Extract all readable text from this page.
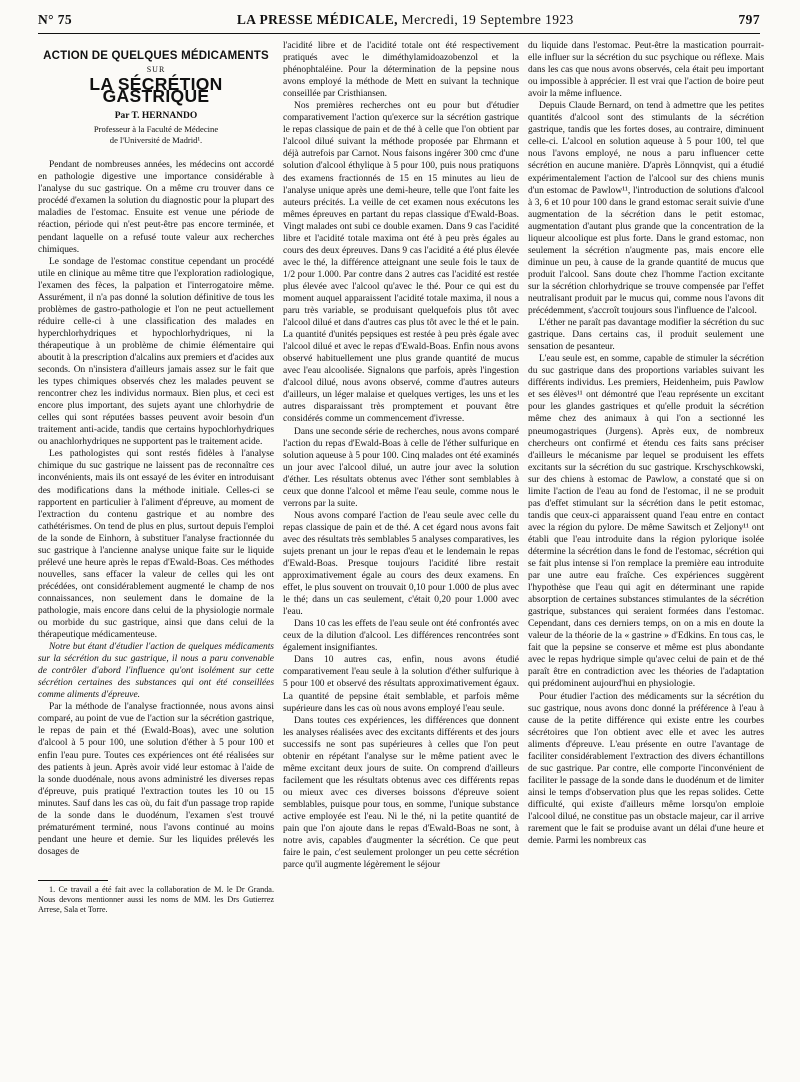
N° 75	LA PRESSE MÉDICALE, Mercredi, 19 Septembre 1923	797
ACTION DE QUELQUES MÉDICAMENTS
SUR
LA SÉCRÉTION GASTRIQUE
Par T. HERNANDO
Professeur à la Faculté de Médecine
de l'Université de Madrid¹.

Pendant de nombreuses années, les médecins ont accordé en pathologie digestive une importance considérable à l'analyse du suc gastrique. On a même cru trouver dans ce procédé d'examen la solution du diagnostic pour la plupart des maladies de l'estomac. Ensuite est venue une période de réaction, période qui n'est peut-être pas encore terminée, et pendant laquelle on a refusé toute valeur aux recherches chimiques.

Le sondage de l'estomac constitue cependant un procédé utile en clinique au même titre que l'exploration radiologique, l'examen des fèces, la palpation et l'interrogatoire même. Assurément, il n'a pas donné la solution définitive de tous les problèmes de gastro-pathologie et l'on ne peut actuellement réduire celle-ci à une classification des malades en hyperchlorhydriques et hypochlorhydriques, ni la thérapeutique à un problème de chimie élémentaire qui aboutit à la prescription d'alcalins aux premiers et d'acides aux seconds. On n'insistera d'ailleurs jamais assez sur le fait que les types chimiques observés chez les malades peuvent se rencontrer chez les individus normaux. Bien plus, et ceci est encore plus important, des sujets ayant une chlorhydrie de celles qui sont réputées basses peuvent avoir besoin d'un traitement anti-acide, tandis que certains hypochlorhydriques ou anachlorhydriques ne supportent pas le traitement acide.

Les pathologistes qui sont restés fidèles à l'analyse chimique du suc gastrique ne laissent pas de reconnaître ces inconvénients, mais ils ont essayé de les éviter en introduisant des modifications dans la méthode initiale. Celles-ci se rapportent en particulier à l'aliment d'épreuve, au moment de l'extraction du contenu gastrique et au nombre des cathétérismes. On tend de plus en plus, surtout depuis l'emploi de la sonde de Einhorn, à substituer l'analyse fractionnée du suc gastrique à l'ancienne analyse unique faite sur le liquide prélevé une heure après le repas d'Ewald-Boas. Ces méthodes nouvelles, sans effacer la valeur de celles qui les ont précédées, ont considérablement augmenté le champ de nos connaissances, non seulement dans le domaine de la pathologie, mais encore dans celui de la physiologie normale ou morbide du suc gastrique, ainsi que dans celui de la thérapeutique médicamenteuse.

Notre but étant d'étudier l'action de quelques médicaments sur la sécrétion du suc gastrique, il nous a paru convenable de contrôler d'abord l'influence qu'ont isolément sur cette sécrétion certaines des substances qui ont été conseillées comme aliments d'épreuve.

Par la méthode de l'analyse fractionnée, nous avons ainsi comparé, au point de vue de l'action sur la sécrétion gastrique, le repas de pain et thé (Ewald-Boas), avec une solution d'alcool à 5 pour 100, une solution d'éther à 5 pour 100 et enfin l'eau pure. Toutes ces expériences ont été réalisées sur des patients à jeun. Après avoir vidé leur estomac à l'aide de la sonde duodénale, nous avons administré les diverses repas d'épreuve, puis pratiqué l'extraction toutes les 10 ou 15 minutes. Sauf dans les cas où, du fait d'un passage trop rapide de la sonde dans le duodénum, l'examen s'est trouvé prématurément terminé, nous l'avons continué au moins pendant une heure et demie. Sur les liquides prélevés les dosages de

1. Ce travail a été fait avec la collaboration de M. le Dr Granda. Nous devons mentionner aussi les noms de MM. les Drs Gutierrez Arrese, Sala et Torre.

l'acidité libre et de l'acidité totale ont été respectivement pratiqués avec le diméthylamidoazobenzol et la phénophtaléine. Pour la détermination de la pepsine nous avons employé la méthode de Mett en suivant la technique conseillée par Cristhiansen.

Nos premières recherches ont eu pour but d'étudier comparativement l'action qu'exerce sur la sécrétion gastrique le repas classique de pain et de thé à celle que l'on obtient par l'alcool dilué suivant la méthode proposée par Ehrmann et déjà autrefois par Carnot. Nous faisons ingérer 300 cmc d'une solution d'alcool éthylique à 5 pour 100, puis nous pratiquons des examens fractionnés de 15 en 15 minutes au lieu de l'analyse unique après une demi-heure, telle que l'ont faite les auteurs précités. La veille de cet examen nous exécutons les mêmes épreuves en partant du repas classique d'Ewald-Boas. Vingt malades ont subi ce double examen. Dans 9 cas l'acidité libre et l'acidité totale maxima ont été à peu près égales au cours des deux épreuves. Dans 9 cas l'acidité a été plus élevée avec le thé, la différence atteignant une seule fois le taux de 1/2 pour 1.000. Par contre dans 2 autres cas l'acidité est restée plus élevée avec l'alcool qu'avec le thé. Pour ce qui est du moment auquel apparaissent l'acidité totale maxima, il nous a paru très variable, se produisant quelquefois plus tôt avec l'alcool dilué et dans d'autres cas plus tôt avec le thé et le pain. La quantité d'unités pepsiques est restée à peu près égale avec l'alcool dilué et avec le repas d'Ewald-Boas. Enfin nous avons observé habituellement une plus grande quantité de mucus avec l'eau alcoolisée. Signalons que parfois, après l'ingestion d'alcool dilué, nous avons observé, comme d'autres auteurs d'ailleurs, un léger malaise et quelques vertiges, les uns et les autres disparaissant très promptement et pouvant être considérés comme un commencement d'ivresse.

Dans une seconde série de recherches, nous avons comparé l'action du repas d'Ewald-Boas à celle de l'éther sulfurique en solution aqueuse à 5 pour 100. Cinq malades ont été examinés un jour avec l'alcool dilué, un autre jour avec la solution d'éther. Les résultats obtenus avec l'éther sont semblables à ceux que donne l'alcool et même l'eau seule, comme nous le verrons par la suite.

Nous avons comparé l'action de l'eau seule avec celle du repas classique de pain et de thé. A cet égard nous avons fait avec des résultats très semblables 5 analyses comparatives, les sujets prenant un jour le repas d'eau et le lendemain le repas d'Ewald-Boas. Presque toujours l'acidité libre restait approximativement égale au cours des deux examens. En effet, le plus souvent on trouvait 0,10 pour 1.000 de plus avec le thé; dans un cas seulement, c'était 0,20 pour 1.000 avec l'eau.

Dans 10 cas les effets de l'eau seule ont été confrontés avec ceux de la dilution d'alcool. Les différences rencontrées sont également insignifiantes.

Dans 10 autres cas, enfin, nous avons étudié comparativement l'eau seule à la solution d'éther sulfurique à 5 pour 100 et observé des résultats approximativement égaux. La quantité de pepsine était semblable, et parfois même supérieure dans les cas où nous avons employé l'eau seule.

Dans toutes ces expériences, les différences que donnent les analyses réalisées avec des excitants différents et des jours successifs ne sont pas supérieures à celles que l'on peut obtenir en répétant l'analyse sur le même patient avec le même excitant deux jours de suite. On comprend d'ailleurs facilement que les résultats obtenus avec ces différents repas ou mieux avec ces diverses boissons d'épreuve soient semblables, puisque pour tous, en somme, l'unique substance active employée est l'eau. Ni le thé, ni la petite quantité de pain que l'on ajoute dans le repas d'Ewald-Boas ne sont, à notre avis, capables d'augmenter la sécrétion. Ce que peut faire le pain, c'est seulement prolonger un peu cette sécrétion parce qu'il augmente légèrement le séjour

du liquide dans l'estomac. Peut-être la mastication pourrait-elle influer sur la sécrétion du suc psychique ou réflexe. Mais dans les cas que nous avons observés, cela était peu important ou impossible à apprécier. Il est vrai que l'action de boire peut avoir la même influence.

Depuis Claude Bernard, on tend à admettre que les petites quantités d'alcool sont des stimulants de la sécrétion gastrique, tandis que les fortes doses, au contraire, diminuent celle-ci. L'alcool en solution aqueuse à 5 pour 100, tel que nous l'avons employé, ne nous a paru influencer cette sécrétion en aucune manière. D'après Lönnqvist, qui a étudié expérimentalement l'action de l'alcool sur des chiens munis d'un estomac de Pawlow¹¹, l'introduction de solutions d'alcool à 3, 6 et 10 pour 100 dans le grand estomac serait suivie d'une augmentation de la sécrétion dans le petit estomac, augmentation d'autant plus grande que la concentration de la liqueur alcoolique est plus forte. Dans le grand estomac, non seulement la sécrétion n'augmente pas, mais encore elle diminue un peu, à cause de la grande quantité de mucus que produit l'alcool. Sans doute chez l'homme l'action excitante sur la sécrétion chlorhydrique se trouve compensée par l'effet neutralisant produit par le mucus qui, comme nous l'avons dit précédemment, s'accroît toujours sous l'influence de l'alcool.

L'éther ne paraît pas davantage modifier la sécrétion du suc gastrique. Dans certains cas, il produit seulement une sensation de pesanteur.

L'eau seule est, en somme, capable de stimuler la sécrétion du suc gastrique dans des proportions variables suivant les différents individus. Les premiers, Heidenheim, puis Pawlow et ses élèves¹¹ ont démontré que l'eau représente un excitant pour les glandes gastriques et qu'elle produit la sécrétion même chez des animaux à qui l'on a sectionné les pneumogastriques (Jurgens). Après eux, de nombreux chercheurs ont confirmé et étendu ces faits sans préciser d'ailleurs le mécanisme par lequel se produisent les effets excitants sur la sécrétion du suc gastrique. Krschyschkowski, sur des chiens à estomac de Pawlow, a constaté que si on limite l'action de l'eau au fond de l'estomac, il ne se produit pas d'effet stimulant sur la sécrétion dans le petit estomac, tandis que ceux-ci apparaissent quand l'eau entre en contact avec la région du pylore. De même Sawitsch et Zeljony¹¹ ont établi que l'eau introduite dans la région pylorique isolée détermine la sécrétion dans le fond de l'estomac, sécrétion qui se fait plus intense si l'on remplace la première eau introduite par une autre eau fraîche. Ces expériences suggèrent l'hypothèse que l'eau qui agit en déterminant une rapide absorption de certaines substances stimulantes de la sécrétion gastrique, substances qui seraient formées dans l'estomac. Cependant, dans ces derniers temps, on on a mis en doute la valeur de la théorie de la « gastrine » d'Edkins. En tous cas, le fait que la pepsine se conserve et même est plus abondante avec le repas hydrique simple qu'avec celui de pain et de thé paraît être en contradiction avec les théories de l'adaptation qui prédominent aujourd'hui en physiologie.

Pour étudier l'action des médicaments sur la sécrétion du suc gastrique, nous avons donc donné la préférence à l'eau à cause de la petite différence qui existe entre les courbes sécrétoires que l'on obtient avec elle et avec les autres aliments d'épreuve. L'eau présente en outre l'avantage de faciliter considérablement l'extraction des divers échantillons de suc gastrique. Par contre, elle comporte l'inconvénient de faciliter le passage de la sonde dans le duodénum et de limiter ainsi le temps d'observation plus que les repas solides. Cette difficulté, qui existe d'ailleurs même lorsqu'on emploie l'alcool dilué, ne constitue pas un obstacle majeur, car il arrive rarement que le fait se produise avant un délai d'une heure et demie. Parmi les nombreux cas
